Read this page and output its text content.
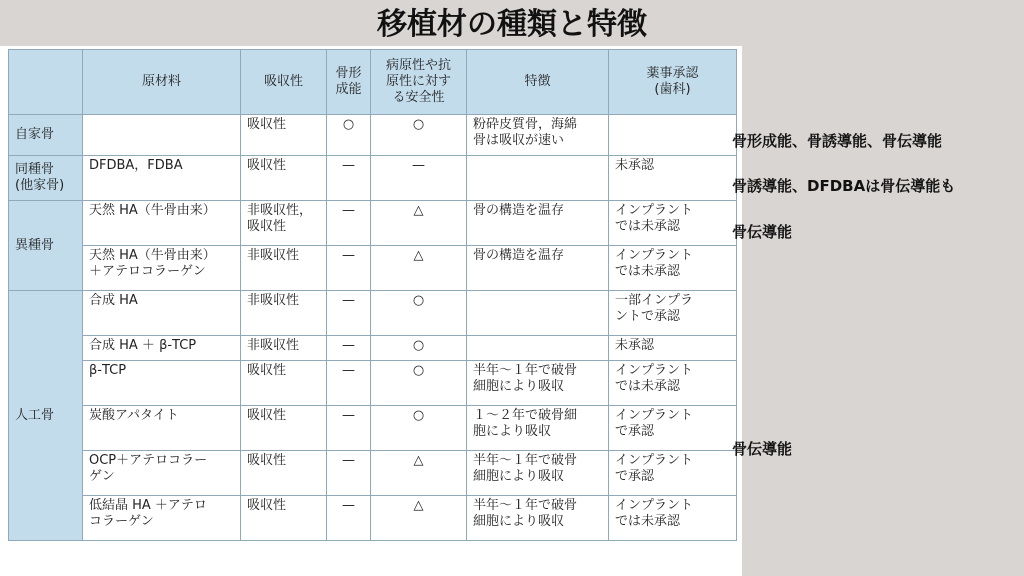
移植材の種類と特徴
	原材料	吸収性	骨形
成能	病原性や抗
原性に対す
る安全性	特徴	薬事承認
(歯科)
自家骨		吸収性	○	○	粉砕皮質骨，海綿
骨は吸収が速い	
同種骨
(他家骨)	DFDBA，FDBA	吸収性	—	—		未承認
異種骨	天然 HA（牛骨由来）	非吸収性，
吸収性	—	△	骨の構造を温存	インプラント
では未承認
	天然 HA（牛骨由来）
＋アテロコラーゲン	非吸収性	—	△	骨の構造を温存	インプラント
では未承認
人工骨	合成 HA	非吸収性	—	○		一部インプラ
ントで承認
	合成 HA ＋ β-TCP	非吸収性	—	○		未承認
	β-TCP	吸収性	—	○	半年～１年で破骨
細胞により吸収	インプラント
では未承認
	炭酸アパタイト	吸収性	—	○	１～２年で破骨細
胞により吸収	インプラント
で承認
	OCP＋アテロコラー
ゲン	吸収性	—	△	半年～１年で破骨
細胞により吸収	インプラント
で承認
	低結晶 HA ＋アテロ
コラーゲン	吸収性	—	△	半年～１年で破骨
細胞により吸収	インプラント
では未承認
骨形成能、骨誘導能、骨伝導能
骨誘導能、DFDBAは骨伝導能も
骨伝導能
骨伝導能
